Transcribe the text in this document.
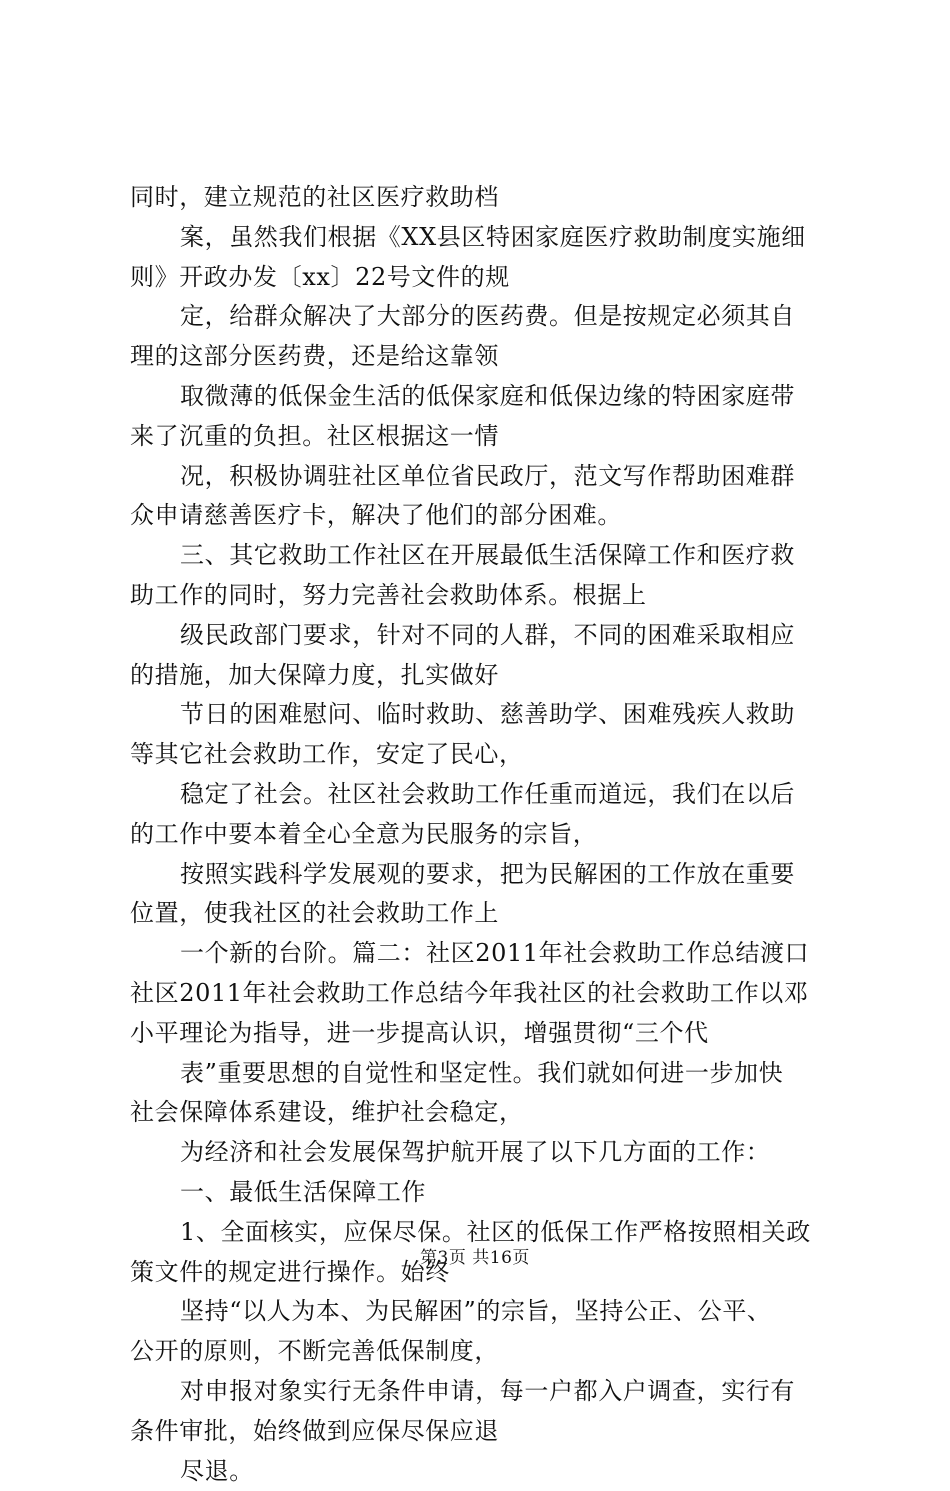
同时，建立规范的社区医疗救助档

案，虽然我们根据《XX县区特困家庭医疗救助制度实施细

则》开政办发〔xx〕22号文件的规

定，给群众解决了大部分的医药费。但是按规定必须其自

理的这部分医药费，还是给这靠领

取微薄的低保金生活的低保家庭和低保边缘的特困家庭带

来了沉重的负担。社区根据这一情

况，积极协调驻社区单位省民政厅，范文写作帮助困难群

众申请慈善医疗卡，解决了他们的部分困难。

三、其它救助工作社区在开展最低生活保障工作和医疗救

助工作的同时，努力完善社会救助体系。根据上

级民政部门要求，针对不同的人群，不同的困难采取相应

的措施，加大保障力度，扎实做好

节日的困难慰问、临时救助、慈善助学、困难残疾人救助

等其它社会救助工作，安定了民心，

稳定了社会。社区社会救助工作任重而道远，我们在以后

的工作中要本着全心全意为民服务的宗旨，

按照实践科学发展观的要求，把为民解困的工作放在重要

位置，使我社区的社会救助工作上

一个新的台阶。篇二：社区2011年社会救助工作总结渡口

社区2011年社会救助工作总结今年我社区的社会救助工作以邓

小平理论为指导，进一步提高认识，增强贯彻“三个代

表”重要思想的自觉性和坚定性。我们就如何进一步加快

社会保障体系建设，维护社会稳定，

为经济和社会发展保驾护航开展了以下几方面的工作：

一、最低生活保障工作

1、全面核实，应保尽保。社区的低保工作严格按照相关政

策文件的规定进行操作。始终

坚持“以人为本、为民解困”的宗旨，坚持公正、公平、

公开的原则，不断完善低保制度，

对申报对象实行无条件申请，每一户都入户调查，实行有

条件审批，始终做到应保尽保应退

尽退。

第3页 共16页
